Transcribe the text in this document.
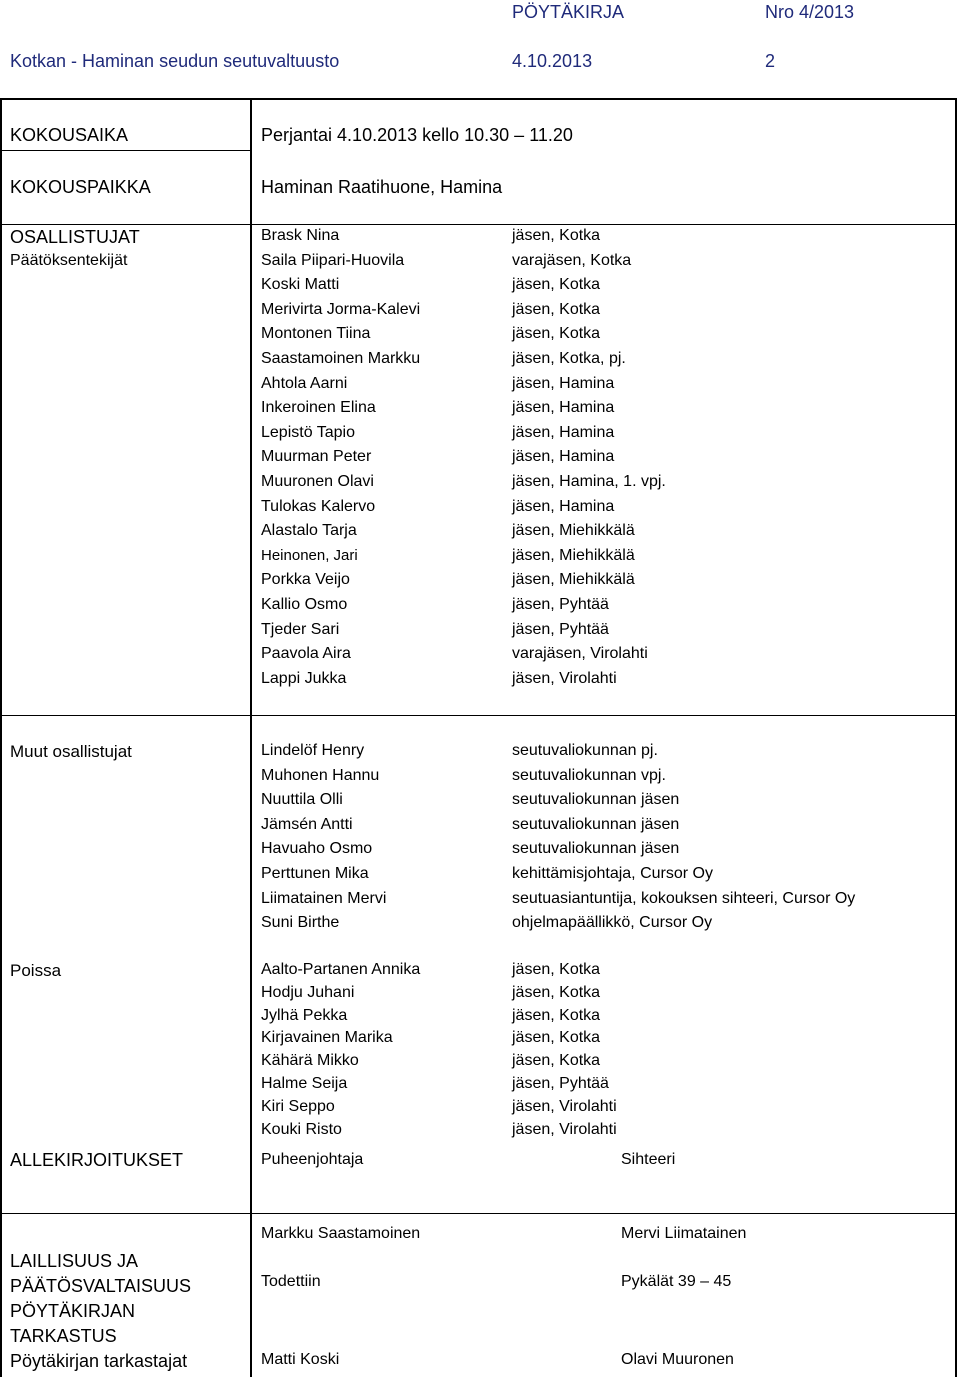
PÖYTÄKIRJA	Nro 4/2013
Kotkan - Haminan seudun seutuvaltuusto	4.10.2013	2
KOKOUSAIKA	Perjantai 4.10.2013 kello 10.30 – 11.20
KOKOUSPAIKKA	Haminan Raatihuone, Hamina
OSALLISTUJAT
Päätöksentekijät
Brask Nina	jäsen, Kotka
Saila Piipari-Huovila	varajäsen, Kotka
Koski Matti	jäsen, Kotka
Merivirta Jorma-Kalevi	jäsen, Kotka
Montonen Tiina	jäsen, Kotka
Saastamoinen Markku	jäsen, Kotka, pj.
Ahtola Aarni	jäsen, Hamina
Inkeroinen Elina	jäsen, Hamina
Lepistö Tapio	jäsen, Hamina
Muurman Peter	jäsen, Hamina
Muuronen Olavi	jäsen, Hamina, 1. vpj.
Tulokas Kalervo	jäsen, Hamina
Alastalo Tarja	jäsen, Miehikkälä
Heinonen, Jari	jäsen, Miehikkälä
Porkka Veijo	jäsen, Miehikkälä
Kallio Osmo	jäsen, Pyhtää
Tjeder Sari	jäsen, Pyhtää
Paavola Aira	varajäsen, Virolahti
Lappi Jukka	jäsen, Virolahti
Muut osallistujat	Lindelöf Henry	seutuvaliokunnan pj.
Muhonen Hannu	seutuvaliokunnan vpj.
Nuuttila Olli	seutuvaliokunnan jäsen
Jämsén Antti	seutuvaliokunnan jäsen
Havuaho Osmo	seutuvaliokunnan jäsen
Perttunen Mika	kehittämisjohtaja, Cursor Oy
Liimatainen Mervi	seutuasiantuntija, kokouksen sihteeri, Cursor Oy
Suni Birthe	ohjelmapäällikkö, Cursor Oy
Poissa	Aalto-Partanen Annika	jäsen, Kotka
Hodju Juhani	jäsen, Kotka
Jylhä Pekka	jäsen, Kotka
Kirjavainen Marika	jäsen, Kotka
Kähärä Mikko	jäsen, Kotka
Halme Seija	jäsen, Pyhtää
Kiri Seppo	jäsen, Virolahti
Kouki Risto	jäsen, Virolahti
ALLEKIRJOITUKSET	Puheenjohtaja	Sihteeri
Markku Saastamoinen	Mervi Liimatainen
LAILLISUUS JA
PÄÄTÖSVALTAISUUS
PÖYTÄKIRJAN
TARKASTUS
Pöytäkirjan tarkastajat
Todettiin	Pykälät 39 – 45
Matti Koski	Olavi Muuronen
